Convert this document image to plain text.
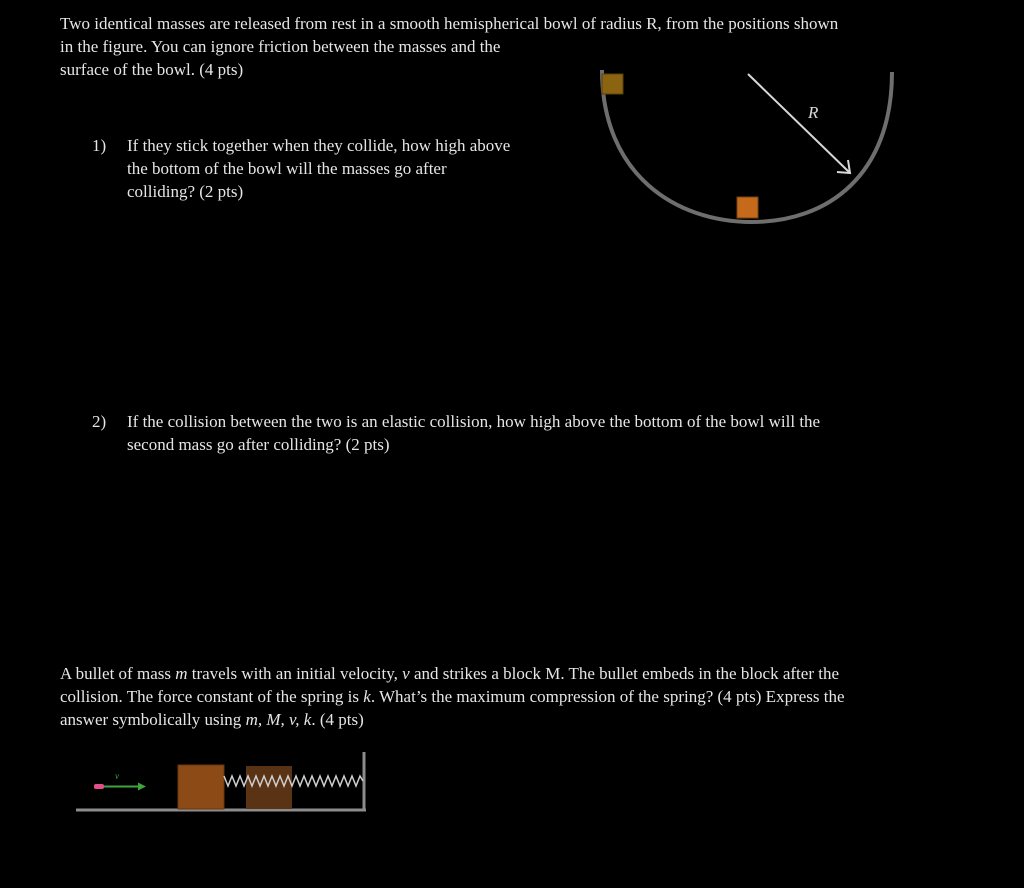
Two identical masses are released from rest in a smooth hemispherical bowl of radius R, from the positions shown
in the figure. You can ignore friction between the masses and the
surface of the bowl. (4 pts)
R
1) If they stick together when they collide, how high above
the bottom of the bowl will the masses go after
colliding? (2 pts)
2) If the collision between the two is an elastic collision, how high above the bottom of the bowl will the
second mass go after colliding? (2 pts)
A bullet of mass m travels with an initial velocity, v and strikes a block M. The bullet embeds in the block after the
collision. The force constant of the spring is k. What’s the maximum compression of the spring? (4 pts) Express the
answer symbolically using m, M, v, k. (4 pts)
v
